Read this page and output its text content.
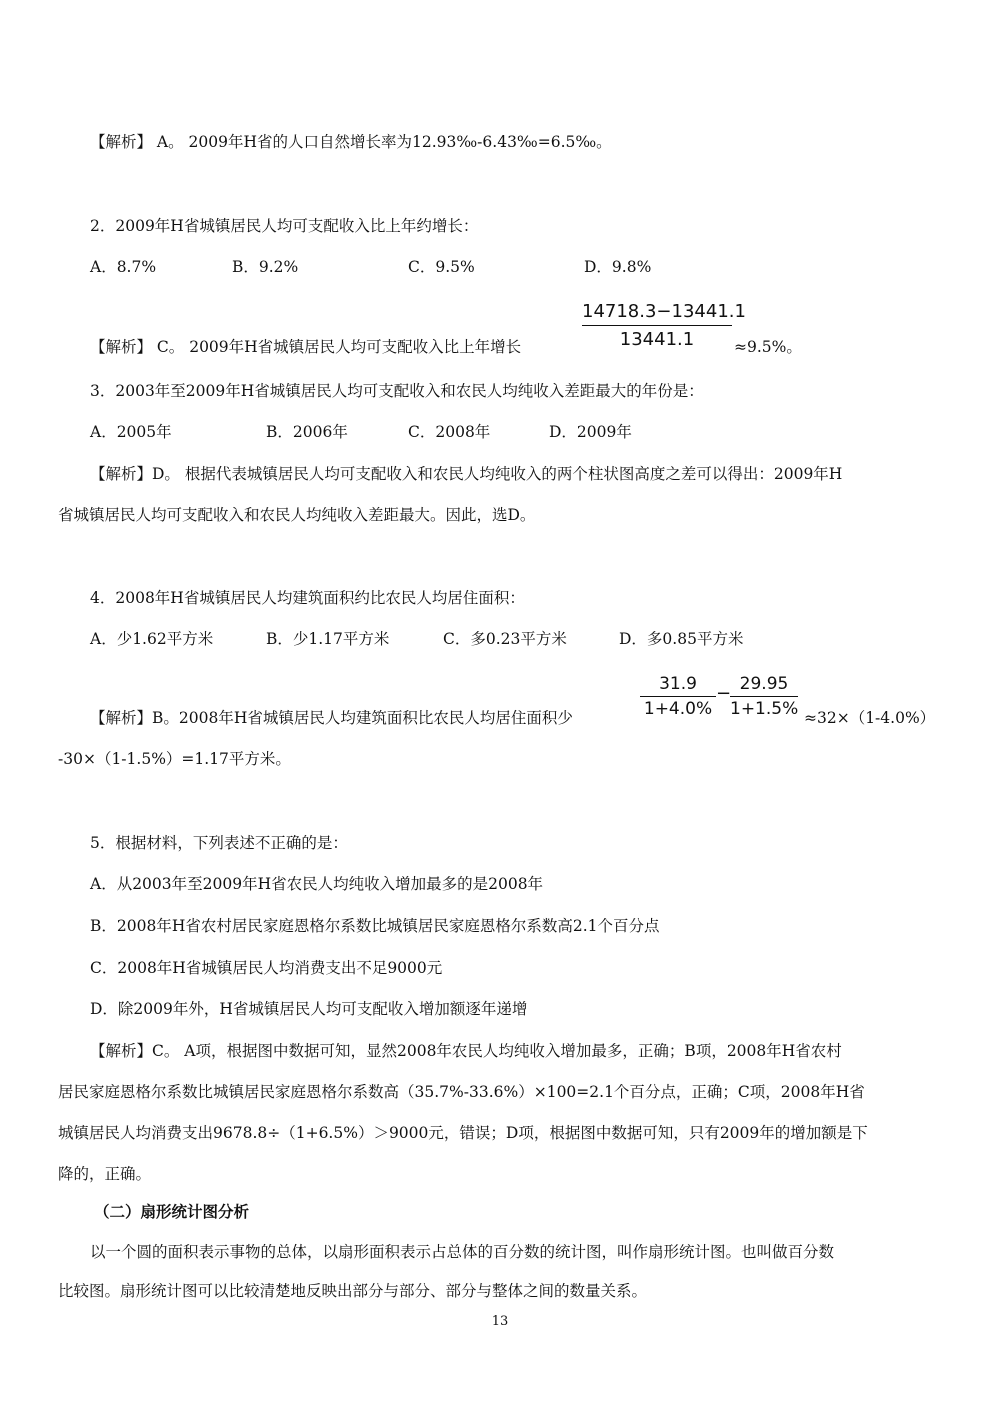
【解析】 A。 2009年H省的人口自然增长率为12.93‰-6.43‰=6.5‰。
2．2009年H省城镇居民人均可支配收入比上年约增长：
A．8.7%	B．9.2%	C．9.5%	D．9.8%
【解析】 C。 2009年H省城镇居民人均可支配收入比上年增长
14718.3−13441.1
13441.1	≈9.5%。
3．2003年至2009年H省城镇居民人均可支配收入和农民人均纯收入差距最大的年份是：
A．2005年	B．2006年	C．2008年	D．2009年
【解析】D。 根据代表城镇居民人均可支配收入和农民人均纯收入的两个柱状图高度之差可以得出：2009年H
省城镇居民人均可支配收入和农民人均纯收入差距最大。因此，选D。
4．2008年H省城镇居民人均建筑面积约比农民人均居住面积：
A．少1.62平方米	B．少1.17平方米	C．多0.23平方米	D．多0.85平方米
【解析】B。2008年H省城镇居民人均建筑面积比农民人均居住面积少
31.9
1+4.0%
− 29.95
1+1.5% ≈32×（1-4.0%）
-30×（1-1.5%）=1.17平方米。
5．根据材料，下列表述不正确的是：
A．从2003年至2009年H省农民人均纯收入增加最多的是2008年
B．2008年H省农村居民家庭恩格尔系数比城镇居民家庭恩格尔系数高2.1个百分点
C．2008年H省城镇居民人均消费支出不足9000元
D．除2009年外，H省城镇居民人均可支配收入增加额逐年递增
【解析】C。 A项，根据图中数据可知，显然2008年农民人均纯收入增加最多，正确；B项，2008年H省农村
居民家庭恩格尔系数比城镇居民家庭恩格尔系数高（35.7%-33.6%）×100=2.1个百分点，正确；C项，2008年H省
城镇居民人均消费支出9678.8÷（1+6.5%）＞9000元，错误；D项，根据图中数据可知，只有2009年的增加额是下
降的，正确。
（二）扇形统计图分析
以一个圆的面积表示事物的总体，以扇形面积表示占总体的百分数的统计图，叫作扇形统计图。也叫做百分数
比较图。扇形统计图可以比较清楚地反映出部分与部分、部分与整体之间的数量关系。
13
